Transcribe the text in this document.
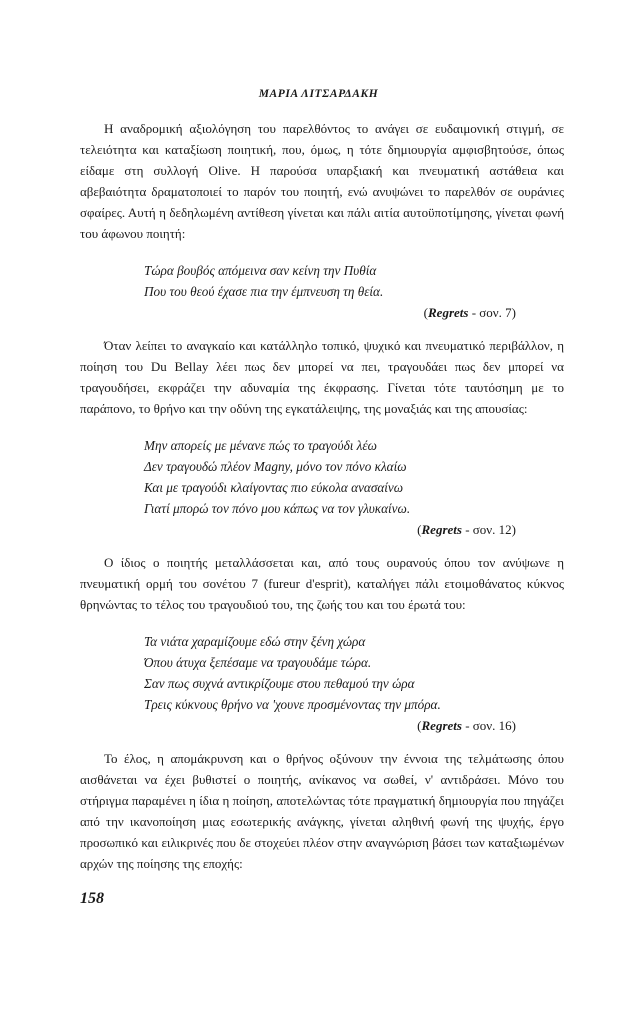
ΜΑΡΙΑ ΛΙΤΣΑΡΔΑΚΗ

Η αναδρομική αξιολόγηση του παρελθόντος το ανάγει σε ευδαιμονική στιγμή, σε τελειότητα και καταξίωση ποιητική, που, όμως, η τότε δημιουργία αμφισβητούσε, όπως είδαμε στη συλλογή Olive. Η παρούσα υπαρξιακή και πνευματική αστάθεια και αβεβαιότητα δραματοποιεί το παρόν του ποιητή, ενώ ανυψώνει το παρελθόν σε ουράνιες σφαίρες. Αυτή η δεδηλωμένη αντίθεση γίνεται και πάλι αιτία αυτοϋποτίμησης, γίνεται φωνή του άφωνου ποιητή:

Τώρα βουβός απόμεινα σαν κείνη την Πυθία
Που του θεού έχασε πια την έμπνευση τη θεία.
(Regrets - σον. 7)

Όταν λείπει το αναγκαίο και κατάλληλο τοπικό, ψυχικό και πνευματικό περιβάλλον, η ποίηση του Du Bellay λέει πως δεν μπορεί να πει, τραγουδάει πως δεν μπορεί να τραγουδήσει, εκφράζει την αδυναμία της έκφρασης. Γίνεται τότε ταυτόσημη με το παράπονο, το θρήνο και την οδύνη της εγκατάλειψης, της μοναξιάς και της απουσίας:

Μην απορείς με μένανε πώς το τραγούδι λέω
Δεν τραγουδώ πλέον Magny, μόνο τον πόνο κλαίω
Και με τραγούδι κλαίγοντας πιο εύκολα ανασαίνω
Γιατί μπορώ τον πόνο μου κάπως να τον γλυκαίνω.
(Regrets - σον. 12)

Ο ίδιος ο ποιητής μεταλλάσσεται και, από τους ουρανούς όπου τον ανύψωνε η πνευματική ορμή του σονέτου 7 (fureur d'esprit), καταλήγει πάλι ετοιμοθάνατος κύκνος θρηνώντας το τέλος του τραγουδιού του, της ζωής του και του έρωτά του:

Τα νιάτα χαραμίζουμε εδώ στην ξένη χώρα
Όπου άτυχα ξεπέσαμε να τραγουδάμε τώρα.
Σαν πως συχνά αντικρίζουμε στου πεθαμού την ώρα
Τρεις κύκνους θρήνο να 'χουνε προσμένοντας την μπόρα.
(Regrets - σον. 16)

Το έλος, η απομάκρυνση και ο θρήνος οξύνουν την έννοια της τελμάτωσης όπου αισθάνεται να έχει βυθιστεί ο ποιητής, ανίκανος να σωθεί, ν' αντιδράσει. Μόνο του στήριγμα παραμένει η ίδια η ποίηση, αποτελώντας τότε πραγματική δημιουργία που πηγάζει από την ικανοποίηση μιας εσωτερικής ανάγκης, γίνεται αληθινή φωνή της ψυχής, έργο προσωπικό και ειλικρινές που δε στοχεύει πλέον στην αναγνώριση βάσει των καταξιωμένων αρχών της ποίησης της εποχής:

158
